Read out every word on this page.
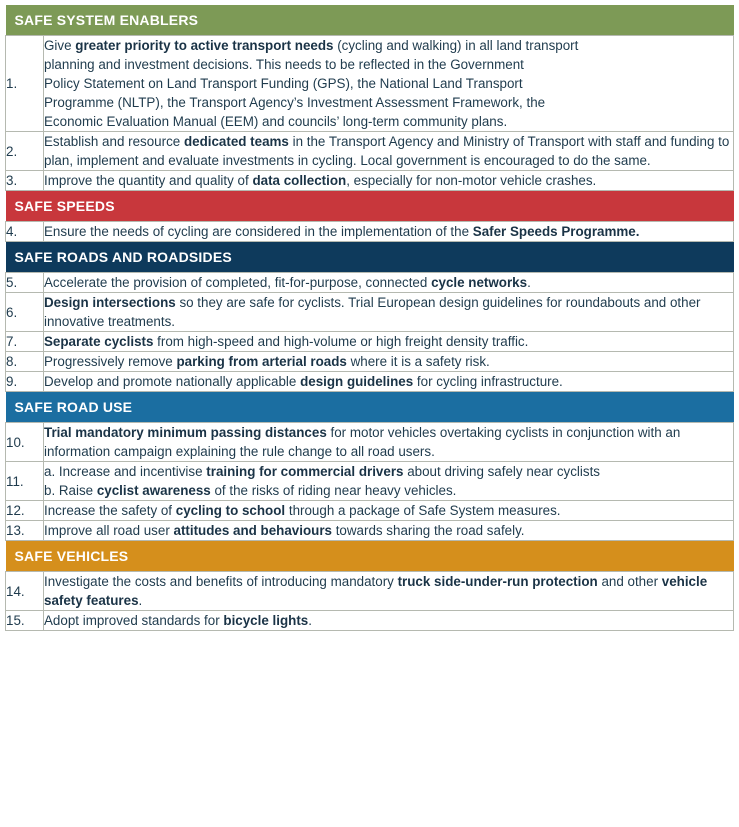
SAFE SYSTEM ENABLERS	
1.	Give greater priority to active transport needs (cycling and walking) in all land transport
planning and investment decisions. This needs to be reflected in the Government
Policy Statement on Land Transport Funding (GPS), the National Land Transport
Programme (NLTP), the Transport Agency’s Investment Assessment Framework, the
Economic Evaluation Manual (EEM) and councils’ long-term community plans.
2.	Establish and resource dedicated teams in the Transport Agency and Ministry of Transport with staff and funding to plan, implement and evaluate investments in cycling. Local government is encouraged to do the same.
3.	Improve the quantity and quality of data collection, especially for non-motor vehicle crashes.
SAFE SPEEDS	
4.	Ensure the needs of cycling are considered in the implementation of the Safer Speeds Programme.
SAFE ROADS AND ROADSIDES	
5.	Accelerate the provision of completed, fit-for-purpose, connected cycle networks.
6.	Design intersections so they are safe for cyclists. Trial European design guidelines for roundabouts and other innovative treatments.
7.	Separate cyclists from high-speed and high-volume or high freight density traffic.
8.	Progressively remove parking from arterial roads where it is a safety risk.
9.	Develop and promote nationally applicable design guidelines for cycling infrastructure.
SAFE ROAD USE	
10.	Trial mandatory minimum passing distances for motor vehicles overtaking cyclists in conjunction with an information campaign explaining the rule change to all road users.
11.	a. Increase and incentivise training for commercial drivers about driving safely near cyclists
b. Raise cyclist awareness of the risks of riding near heavy vehicles.
12.	Increase the safety of cycling to school through a package of Safe System measures.
13.	Improve all road user attitudes and behaviours towards sharing the road safely.
SAFE VEHICLES	
14.	Investigate the costs and benefits of introducing mandatory truck side-under-run protection and other vehicle safety features.
15.	Adopt improved standards for bicycle lights.
